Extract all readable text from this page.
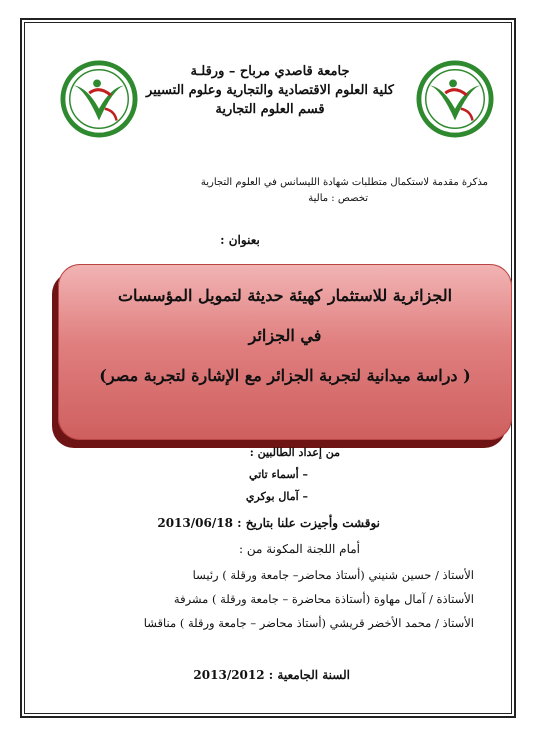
جامعة قاصدي مرباح – ورقلـة
كلية العلوم الاقتصادية والتجارية وعلوم التسيير
قسم العلوم التجارية
مذكرة مقدمة لاستكمال متطلبات شهادة الليسانس في العلوم التجارية
تخصص : مالية
بعنوان :
الجزائرية للاستثمار كهيئة حديثة لتمويل المؤسسات
في الجزائر
( دراسة ميدانية لتجربة الجزائر مع الإشارة لتجربة مصر)
من إعداد الطالبين :
– أسماء تاتي
– آمال بوكري
نوقشت وأجيزت علنا بتاريخ : 2013/06/18
أمام اللجنة المكونة من :
الأستاذ / حسين شنيني (أستاذ محاضر– جامعة ورقلة ) رئيسا
الأستاذة / آمال مهاوة (أستاذة محاضرة – جامعة ورقلة ) مشرفة
الأستاذ / محمد الأخضر قريشي (أستاذ محاضر – جامعة ورقلة ) مناقشا
السنة الجامعية : 2013/2012
